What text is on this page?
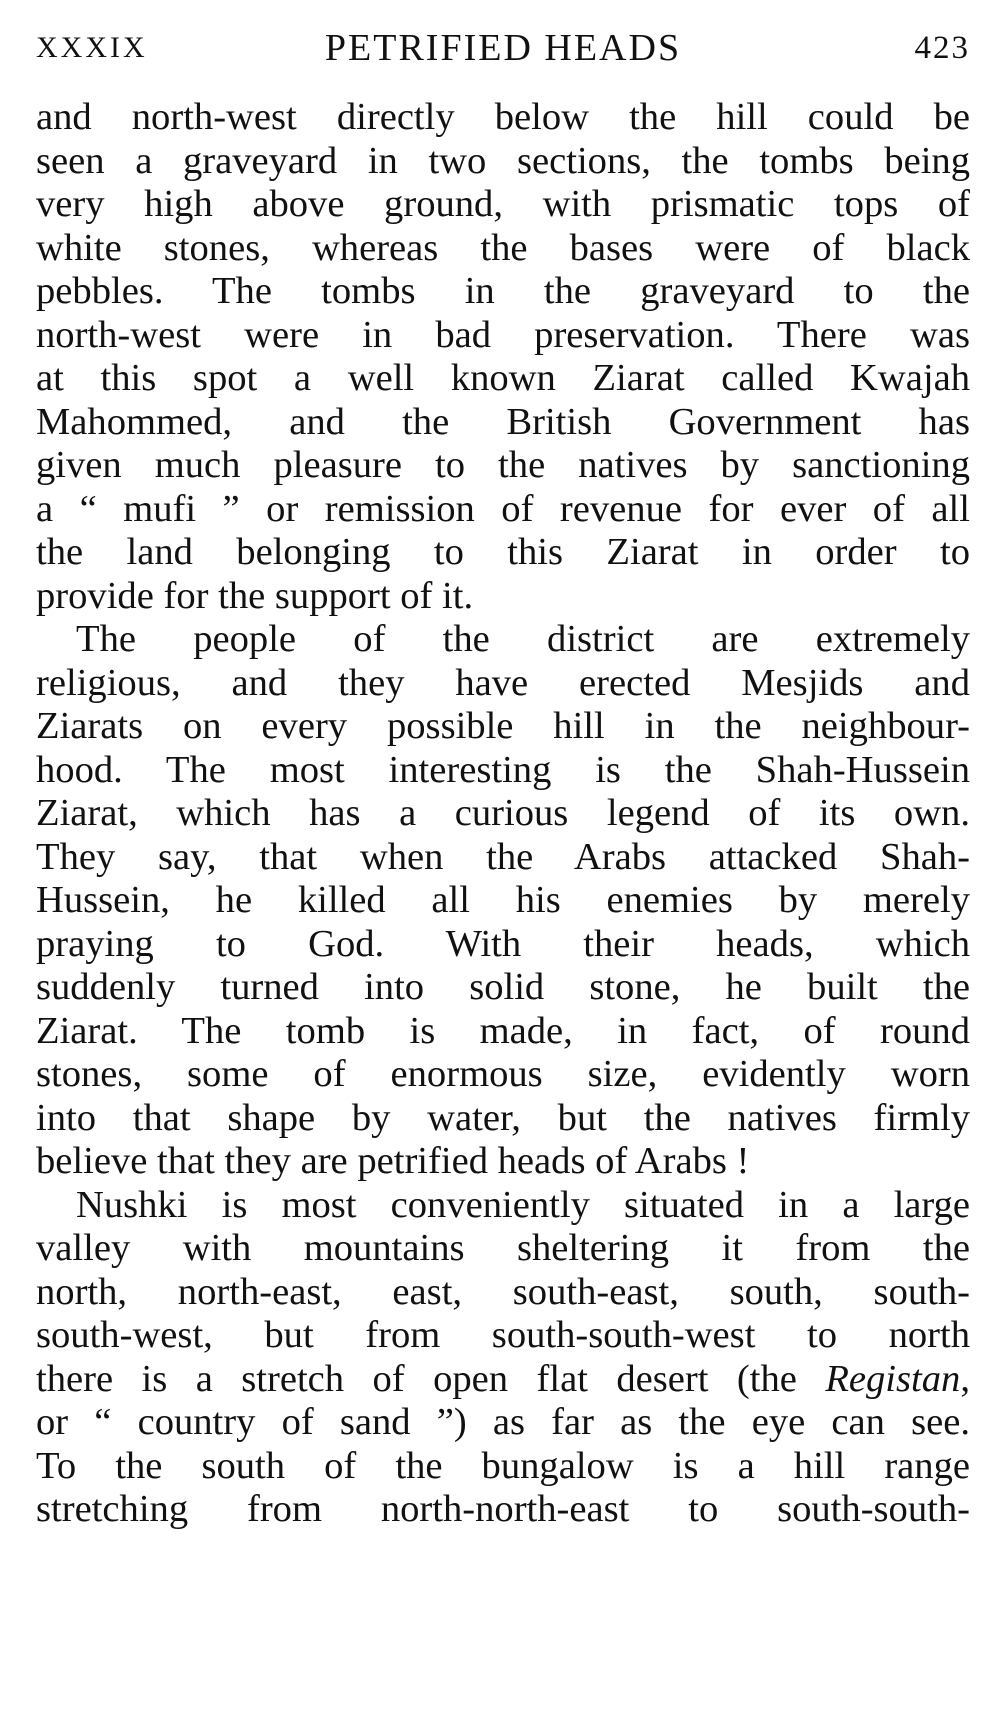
XXXIX	PETRIFIED HEADS	423

and north-west directly below the hill could be
seen a graveyard in two sections, the tombs being
very high above ground, with prismatic tops of
white stones, whereas the bases were of black
pebbles. The tombs in the graveyard to the
north-west were in bad preservation. There was
at this spot a well known Ziarat called Kwajah
Mahommed, and the British Government has
given much pleasure to the natives by sanctioning
a “ mufi ” or remission of revenue for ever of all
the land belonging to this Ziarat in order to
provide for the support of it.

The people of the district are extremely
religious, and they have erected Mesjids and
Ziarats on every possible hill in the neighbour-
hood. The most interesting is the Shah-Hussein
Ziarat, which has a curious legend of its own.
They say, that when the Arabs attacked Shah-
Hussein, he killed all his enemies by merely
praying to God. With their heads, which
suddenly turned into solid stone, he built the
Ziarat. The tomb is made, in fact, of round
stones, some of enormous size, evidently worn
into that shape by water, but the natives firmly
believe that they are petrified heads of Arabs !

Nushki is most conveniently situated in a large
valley with mountains sheltering it from the
north, north-east, east, south-east, south, south-
south-west, but from south-south-west to north
there is a stretch of open flat desert (the Registan,
or “ country of sand ”) as far as the eye can see.
To the south of the bungalow is a hill range
stretching from north-north-east to south-south-
